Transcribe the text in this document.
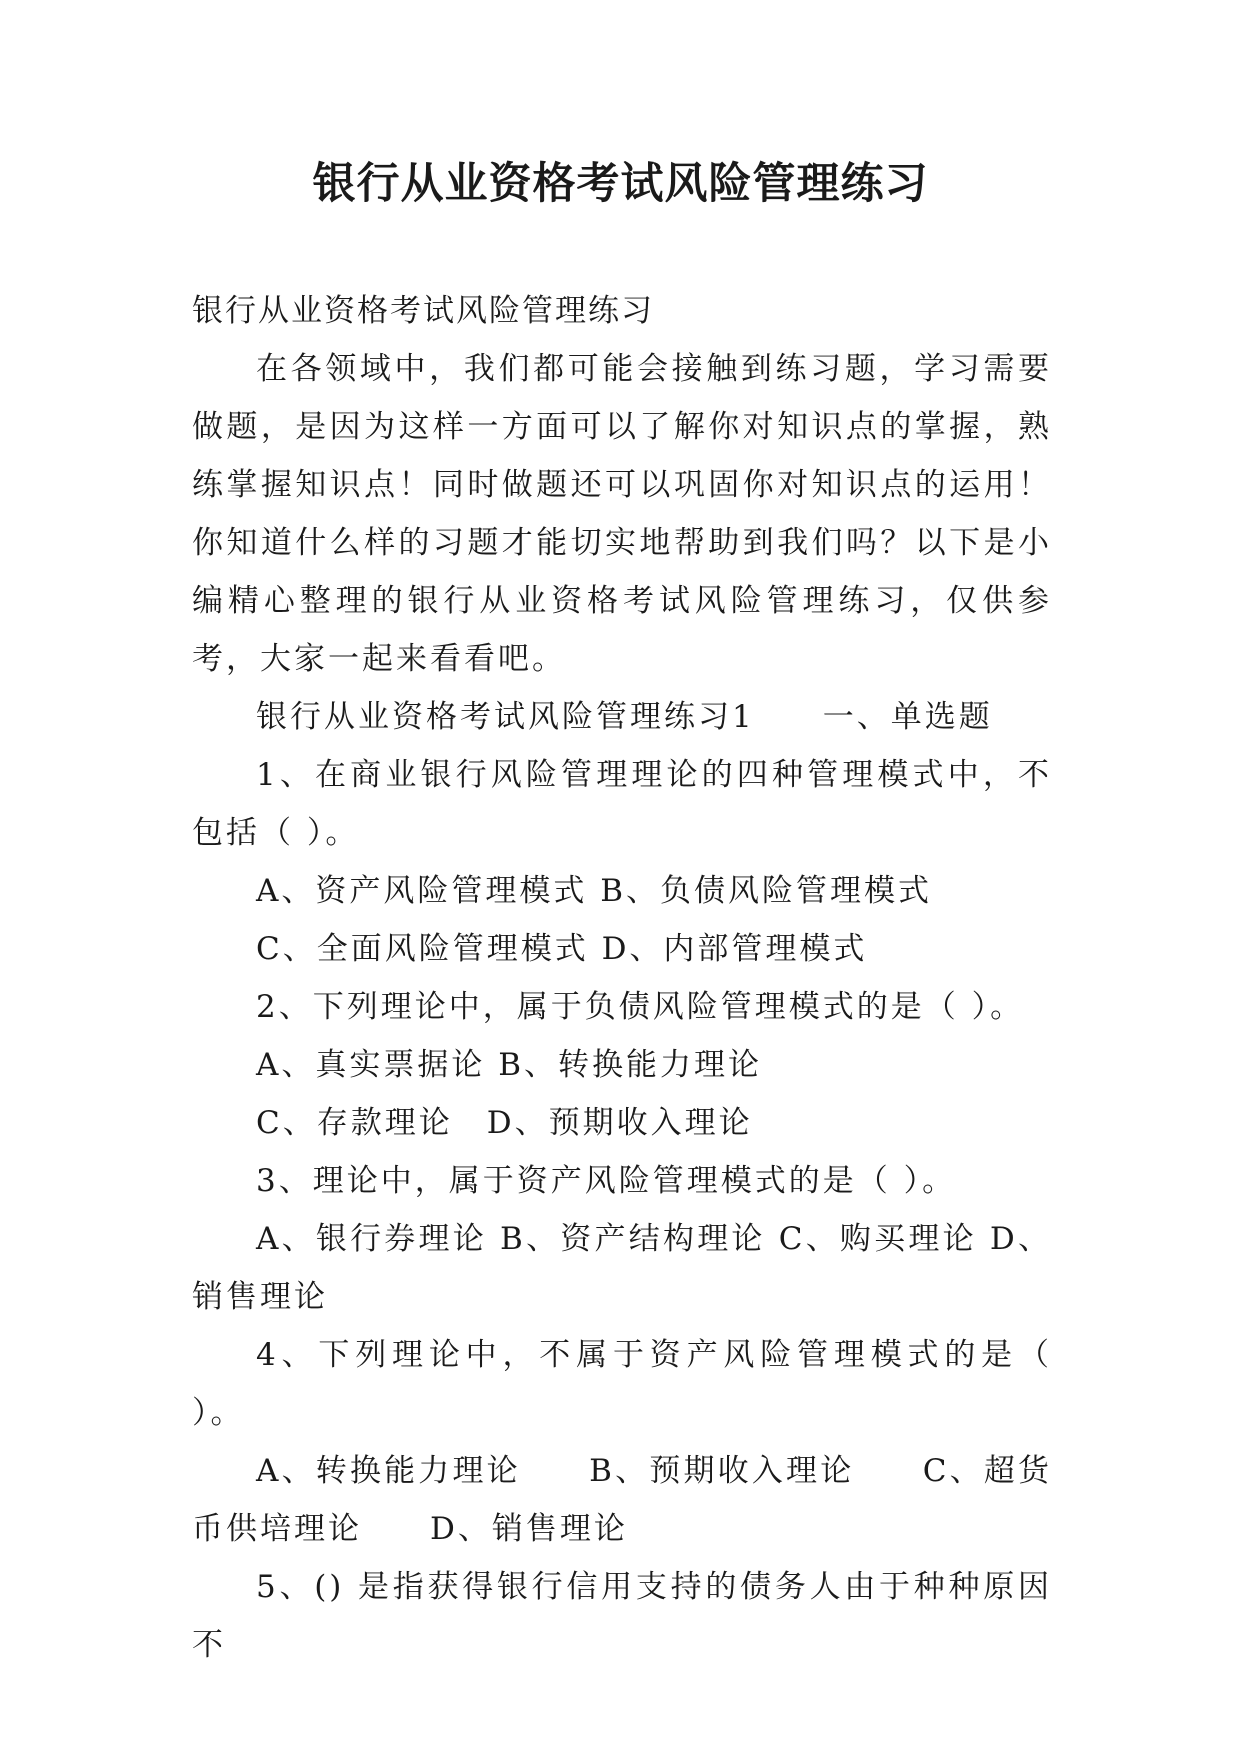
银行从业资格考试风险管理练习

银行从业资格考试风险管理练习

在各领域中，我们都可能会接触到练习题，学习需要做题，是因为这样一方面可以了解你对知识点的掌握，熟练掌握知识点！同时做题还可以巩固你对知识点的运用！你知道什么样的习题才能切实地帮助到我们吗？以下是小编精心整理的银行从业资格考试风险管理练习，仅供参考，大家一起来看看吧。

银行从业资格考试风险管理练习1　　一、单选题

1、在商业银行风险管理理论的四种管理模式中，不包括（ ）。

A、资产风险管理模式 B、负债风险管理模式

C、全面风险管理模式 D、内部管理模式

2、下列理论中，属于负债风险管理模式的是（ ）。

A、真实票据论 B、转换能力理论

C、存款理论　D、预期收入理论

3、理论中，属于资产风险管理模式的是（ ）。

A、银行券理论 B、资产结构理论 C、购买理论 D、销售理论

4、下列理论中，不属于资产风险管理模式的是（ ）。

A、转换能力理论　　B、预期收入理论　　C、超货币供培理论　　D、销售理论

5、() 是指获得银行信用支持的债务人由于种种原因不
